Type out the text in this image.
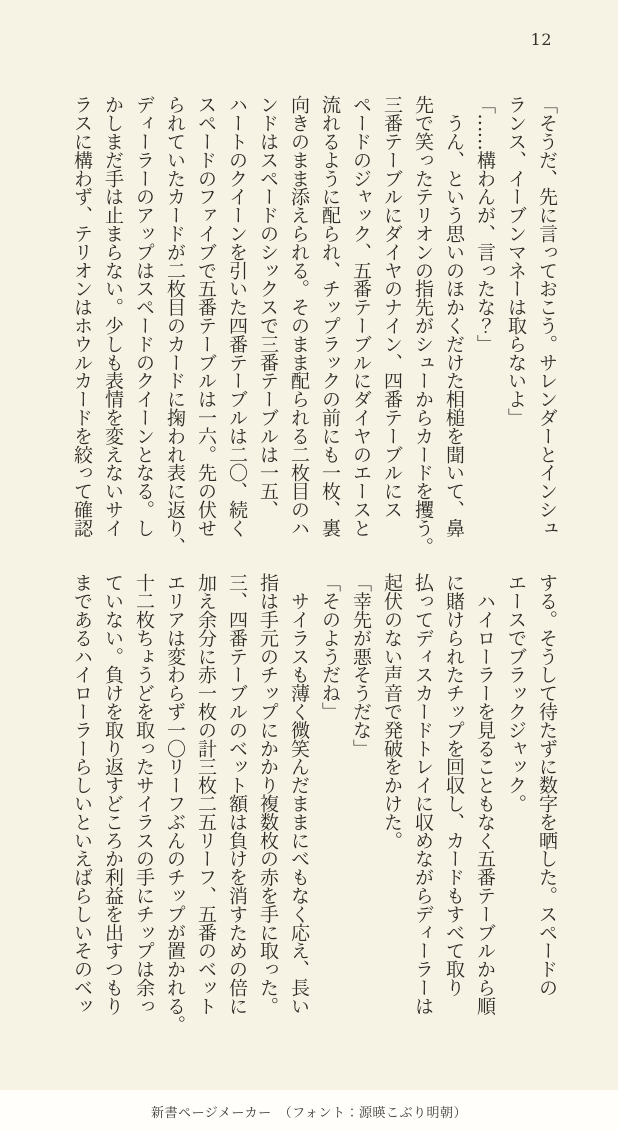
12
「そうだ、先に言っておこう。サレンダーとインシュ
ランス、イーブンマネーは取らないよ」
「……構わんが、言ったな？」
　うん、という思いのほかくだけた相槌を聞いて、鼻
先で笑ったテリオンの指先がシューからカードを攫う。
三番テーブルにダイヤのナイン、四番テーブルにス
ペードのジャック、五番テーブルにダイヤのエースと
流れるように配られ、チップラックの前にも一枚、裏
向きのまま添えられる。そのまま配られる二枚目のハ
ンドはスペードのシックスで三番テーブルは一五、
ハートのクイーンを引いた四番テーブルは二〇、続く
スペードのファイブで五番テーブルは一六。先の伏せ
られていたカードが二枚目のカードに掬われ表に返り、
ディーラーのアップはスペードのクイーンとなる。し
かしまだ手は止まらない。少しも表情を変えないサイ
ラスに構わず、テリオンはホウルカードを絞って確認
する。そうして待たずに数字を晒した。スペードの
エースでブラックジャック。
　ハイローラーを見ることもなく五番テーブルから順
に賭けられたチップを回収し、カードもすべて取り
払ってディスカードトレイに収めながらディーラーは
起伏のない声音で発破をかけた。
「幸先が悪そうだな」
「そのようだね」
　サイラスも薄く微笑んだままにべもなく応え、長い
指は手元のチップにかかり複数枚の赤を手に取った。
三、四番テーブルのベット額は負けを消すための倍に
加え余分に赤一枚の計三枚二五リーフ、五番のベット
エリアは変わらず一〇リーフぶんのチップが置かれる。
十二枚ちょうどを取ったサイラスの手にチップは余っ
ていない。負けを取り返すどころか利益を出すつもり
まであるハイローラーらしいといえばらしいそのベッ
新書ページメーカー　（フォント：源暎こぶり明朝）
